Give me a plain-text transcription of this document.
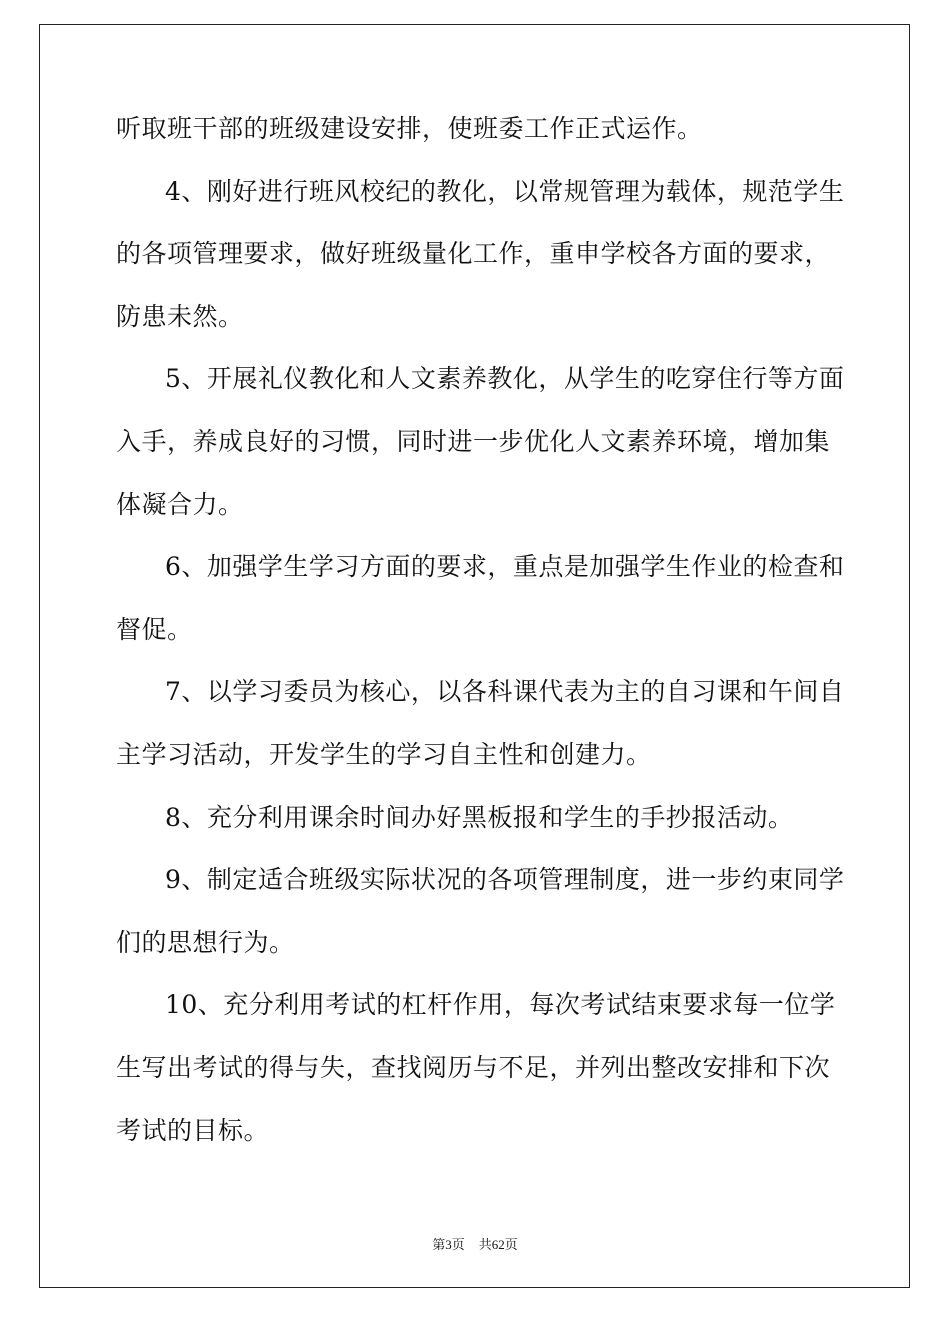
听取班干部的班级建设安排，使班委工作正式运作。
4、刚好进行班风校纪的教化，以常规管理为载体，规范学生
的各项管理要求，做好班级量化工作，重申学校各方面的要求，
防患未然。
5、开展礼仪教化和人文素养教化，从学生的吃穿住行等方面
入手，养成良好的习惯，同时进一步优化人文素养环境，增加集
体凝合力。
6、加强学生学习方面的要求，重点是加强学生作业的检查和
督促。
7、以学习委员为核心，以各科课代表为主的自习课和午间自
主学习活动，开发学生的学习自主性和创建力。
8、充分利用课余时间办好黑板报和学生的手抄报活动。
9、制定适合班级实际状况的各项管理制度，进一步约束同学
们的思想行为。
10、充分利用考试的杠杆作用，每次考试结束要求每一位学
生写出考试的得与失，查找阅历与不足，并列出整改安排和下次
考试的目标。
第3页 共62页
